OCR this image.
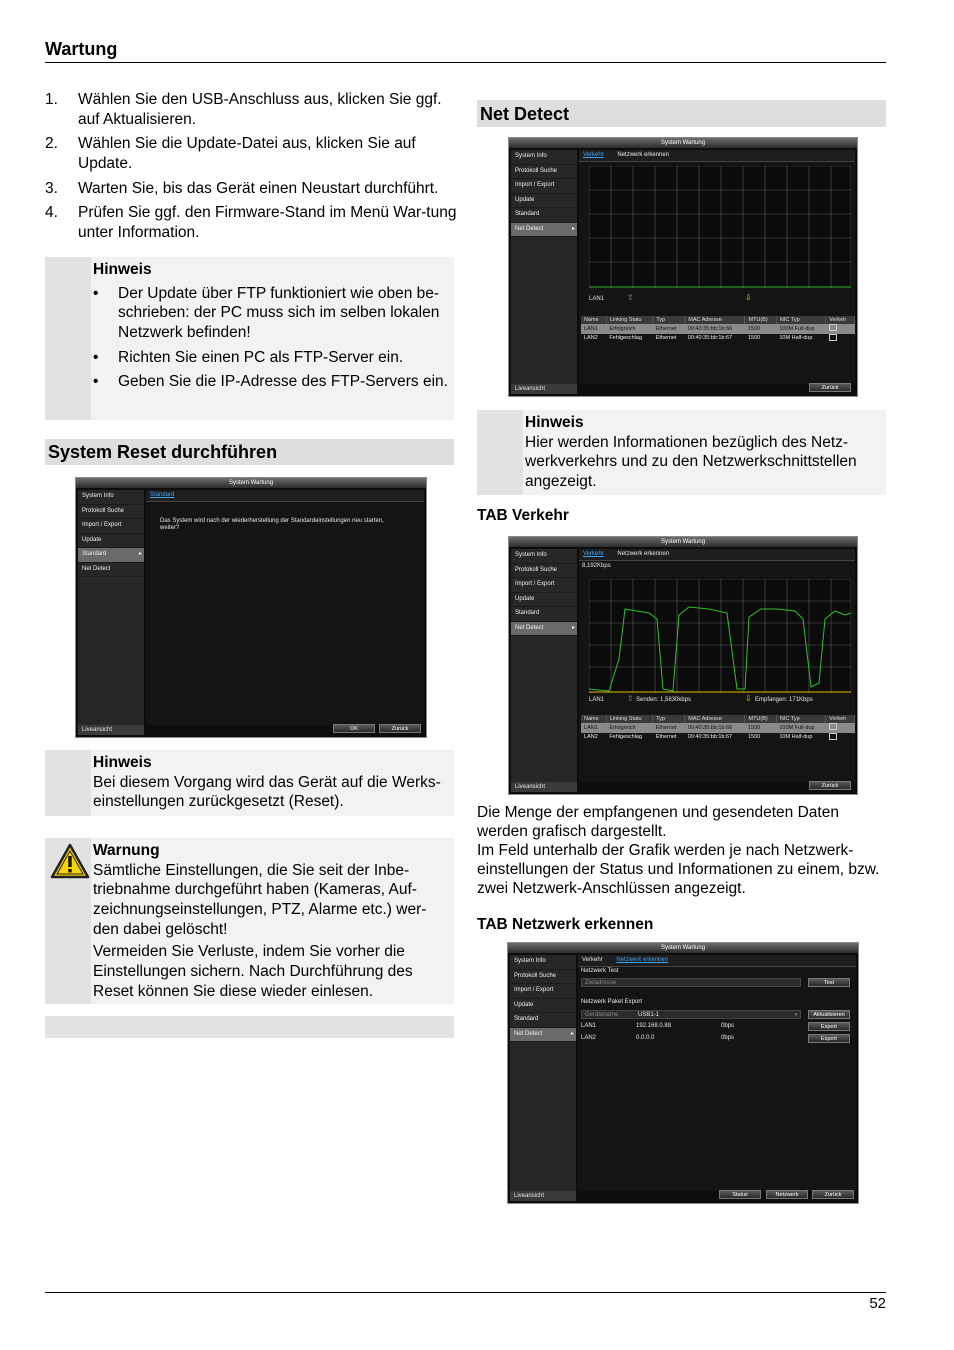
Wartung
1. Wählen Sie den USB-Anschluss aus, klicken Sie ggf. auf Aktualisieren.
2. Wählen Sie die Update-Datei aus, klicken Sie auf Update.
3. Warten Sie, bis das Gerät einen Neustart durchführt.
4. Prüfen Sie ggf. den Firmware-Stand im Menü War-tung unter Information.
Hinweis
• Der Update über FTP funktioniert wie oben be-schrieben: der PC muss sich im selben lokalen Netzwerk befinden!
• Richten Sie einen PC als FTP-Server ein.
• Geben Sie die IP-Adresse des FTP-Servers ein.
System Reset durchführen
System Wartung
System Info
Protokoll Suche
Import / Export
Update
Standard ▸
Net Detect
Standard
Das System wird nach der wiederherstellung der Standardeinstellungen neu starten, weiter?
Liveansicht	OK	Zurück
Hinweis

Bei diesem Vorgang wird das Gerät auf die Werks-einstellungen zurückgesetzt (Reset).

Warnung

Sämtliche Einstellungen, die Sie seit der Inbe-triebnahme durchgeführt haben (Kameras, Auf-zeichnungseinstellungen, PTZ, Alarme etc.) wer-den dabei gelöscht!

Vermeiden Sie Verluste, indem Sie vorher die Einstellungen sichern. Nach Durchführung des Reset können Sie diese wieder einlesen.

Net Detect
System Wartung
System Info
Protokoll Suche
Import / Export
Update
Standard
Net Detect ▸
Verkehr Netzwerk erkennen
LAN1	⇧	⇩
Name	Linking Statu	Typ	MAC Adresse	MTU(B)	NIC Typ	Verkeh
LAN1	Erfolgreich	Ethernet	00:40:35:bb:1b:66	1500	100M Full-dup	
LAN2	Fehlgeschlag	Ethernet	00:40:35:bb:1b:67	1500	10M Half-dup	
Liveansicht	Zurück
Hinweis

Hier werden Informationen bezüglich des Netz-werkverkehrs und zu den Netzwerkschnittstellen angezeigt.

TAB Verkehr
System Wartung
System Info
Protokoll Suche
Import / Export
Update
Standard
Net Detect ▸
Verkehr Netzwerk erkennen
8,192Kbps
LAN1	⇧ Senden: 1,5830kbps	⇩ Empfangen: 171Kbps
Name	Linking Statu	Typ	MAC Adresse	MTU(B)	NIC Typ	Verkeh
LAN1	Erfolgreich	Ethernet	00:40:35:bb:1b:66	1500	100M Full-dup	
LAN2	Fehlgeschlag	Ethernet	00:40:35:bb:1b:67	1500	10M Half-dup	
Liveansicht	Zurück
Die Menge der empfangenen und gesendeten Daten werden grafisch dargestellt.
Im Feld unterhalb der Grafik werden je nach Netzwerk-einstellungen der Status und Informationen zu einem, bzw. zwei Netzwerk-Anschlüssen angezeigt.
TAB Netzwerk erkennen
System Wartung
System Info
Protokoll Suche
Import / Export
Update
Standard
Net Detect ▸
Verkehr Netzwerk erkennen
Netzwerk Test
Zieladresse	Test
Netzwerk Paket Export
Gerätename	USB1-1	›	Aktualisieren
LAN1	192.168.0.88	0bps	Export
LAN2	0.0.0.0	0bps	Export
Liveansicht	Status	Netzwerk	Zurück
52
